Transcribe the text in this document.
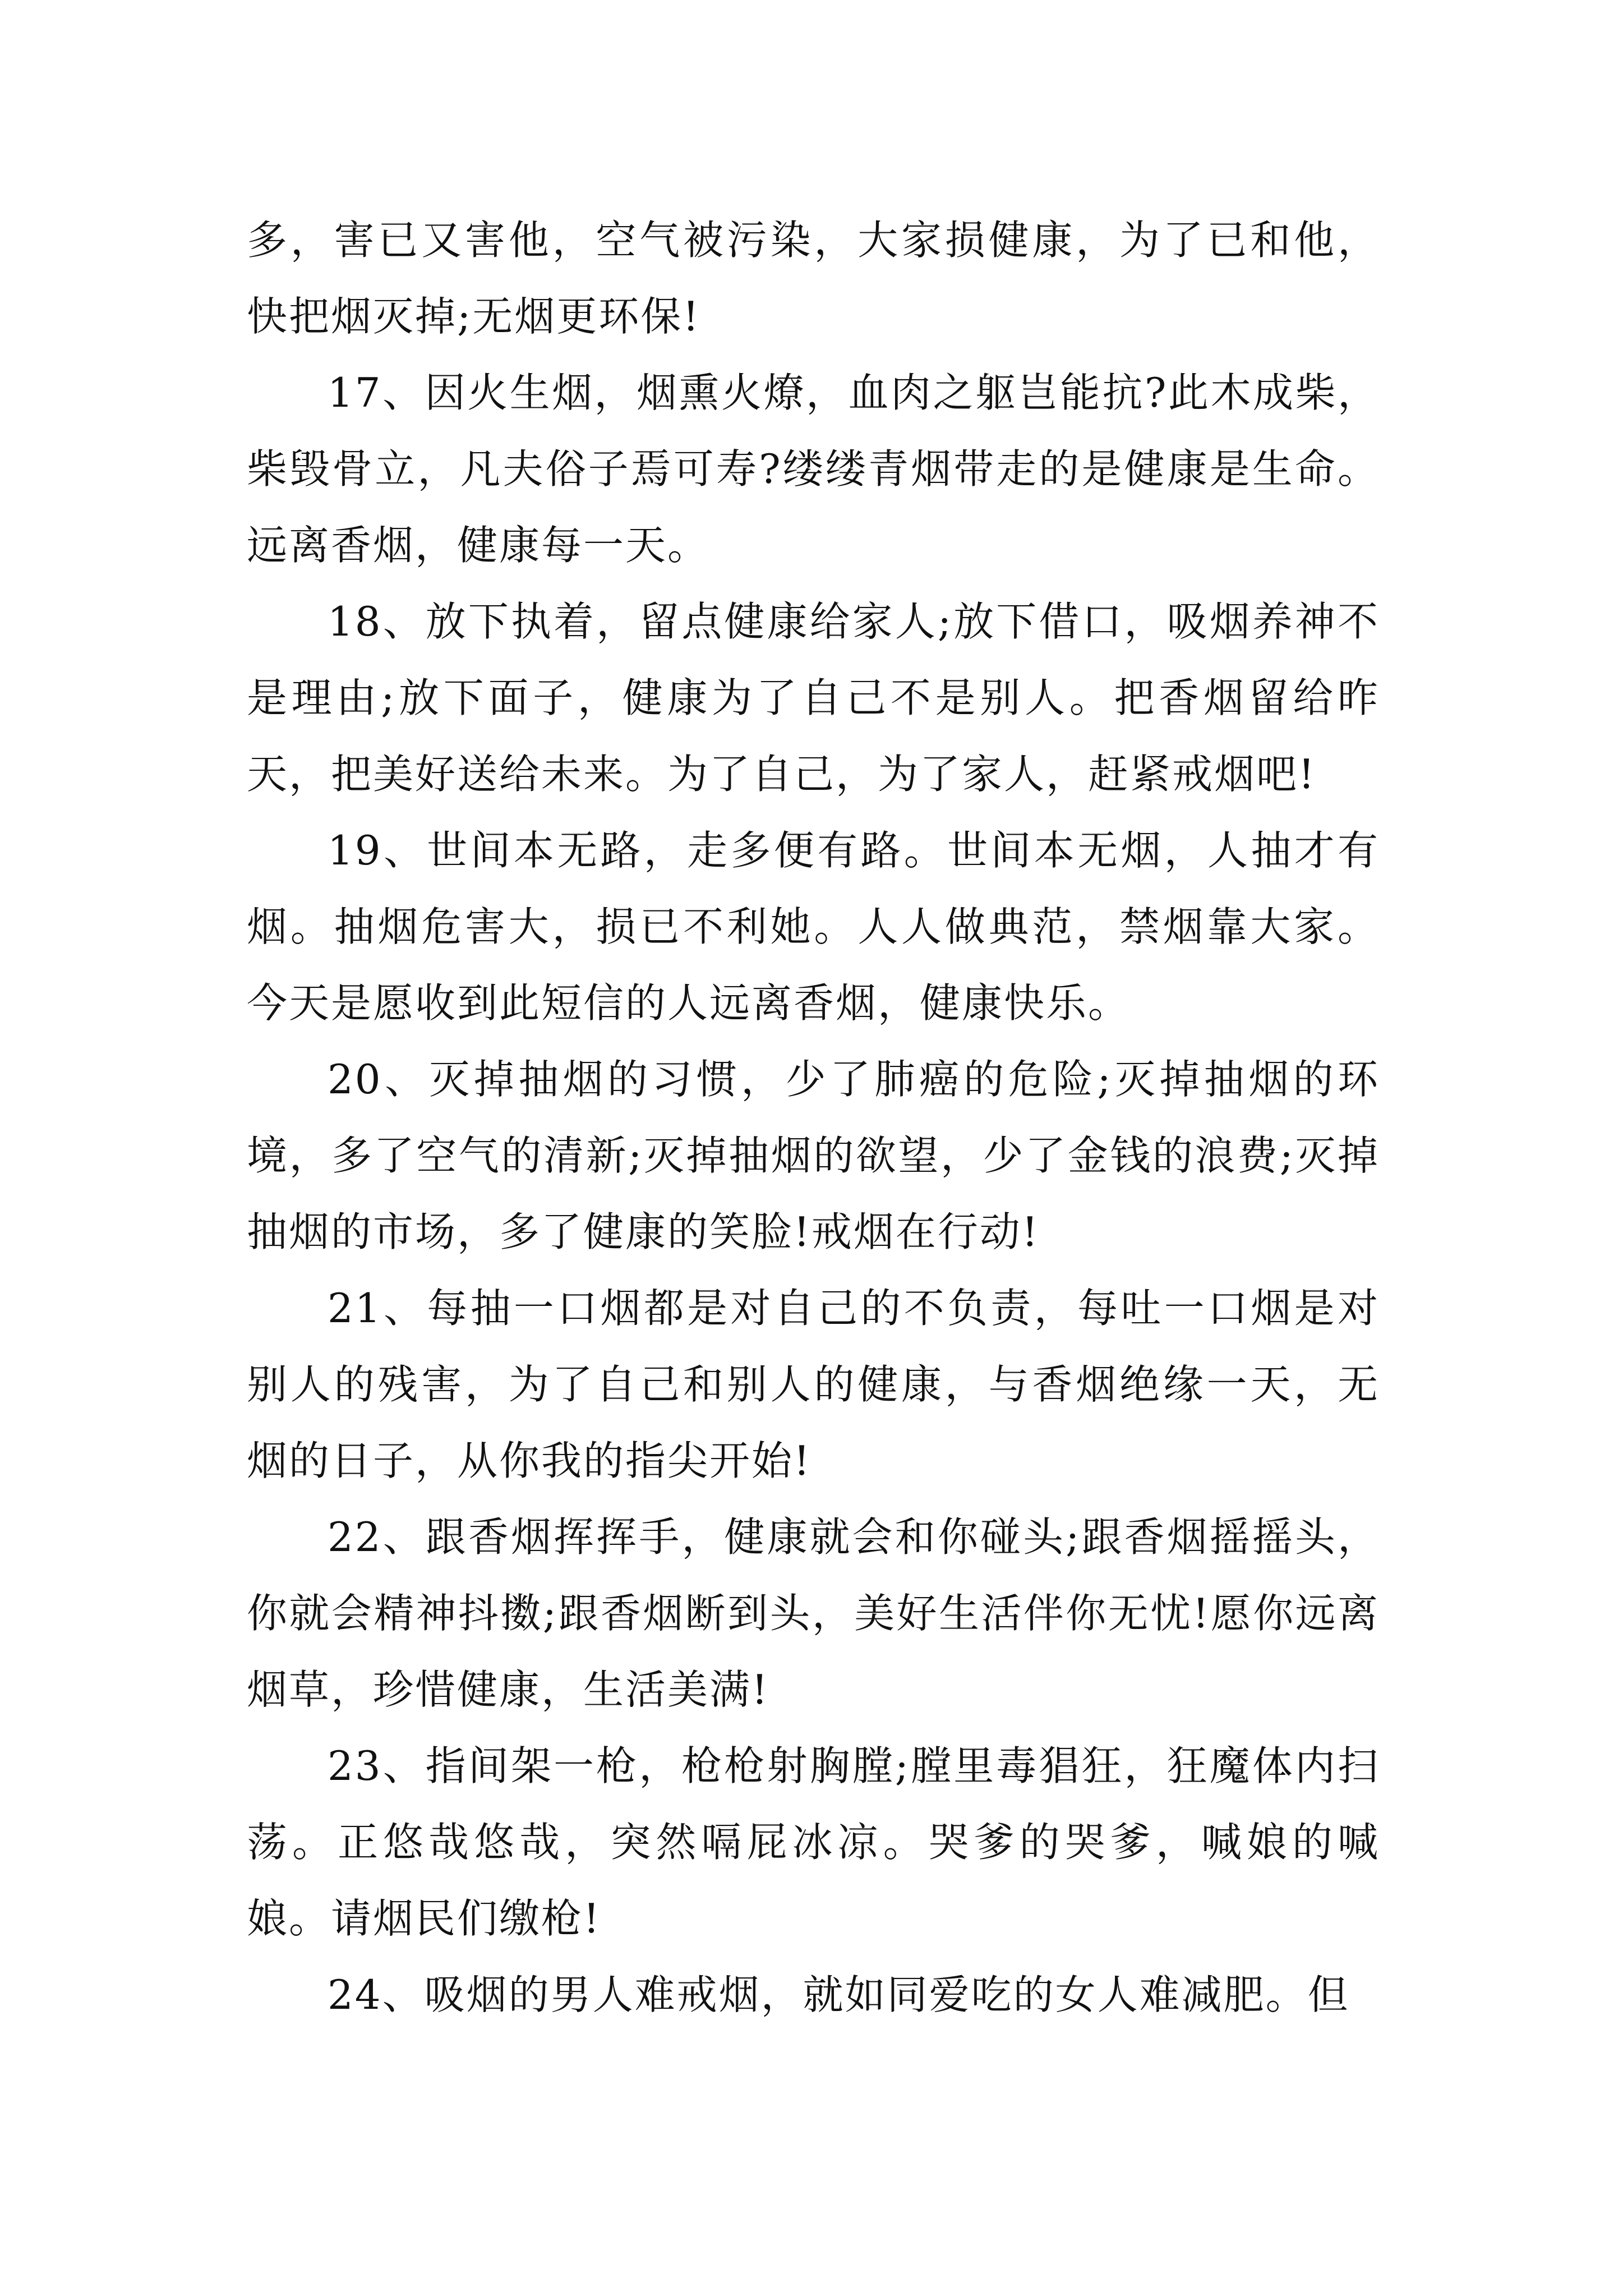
多，害已又害他，空气被污染，大家损健康，为了已和他，快把烟灭掉;无烟更环保!

17、因火生烟，烟熏火燎，血肉之躯岂能抗?此木成柴，柴毁骨立，凡夫俗子焉可寿?缕缕青烟带走的是健康是生命。远离香烟，健康每一天。

18、放下执着，留点健康给家人;放下借口，吸烟养神不是理由;放下面子，健康为了自己不是别人。把香烟留给昨天，把美好送给未来。为了自己，为了家人，赶紧戒烟吧!

19、世间本无路，走多便有路。世间本无烟，人抽才有烟。抽烟危害大，损已不利她。人人做典范，禁烟靠大家。今天是愿收到此短信的人远离香烟，健康快乐。

20、灭掉抽烟的习惯，少了肺癌的危险;灭掉抽烟的环境，多了空气的清新;灭掉抽烟的欲望，少了金钱的浪费;灭掉抽烟的市场，多了健康的笑脸!戒烟在行动!

21、每抽一口烟都是对自己的不负责，每吐一口烟是对别人的残害，为了自己和别人的健康，与香烟绝缘一天，无烟的日子，从你我的指尖开始!

22、跟香烟挥挥手，健康就会和你碰头;跟香烟摇摇头，你就会精神抖擞;跟香烟断到头，美好生活伴你无忧!愿你远离烟草，珍惜健康，生活美满!

23、指间架一枪，枪枪射胸膛;膛里毒猖狂，狂魔体内扫荡。正悠哉悠哉，突然嗝屁冰凉。哭爹的哭爹，喊娘的喊娘。请烟民们缴枪!

24、吸烟的男人难戒烟，就如同爱吃的女人难减肥。但
